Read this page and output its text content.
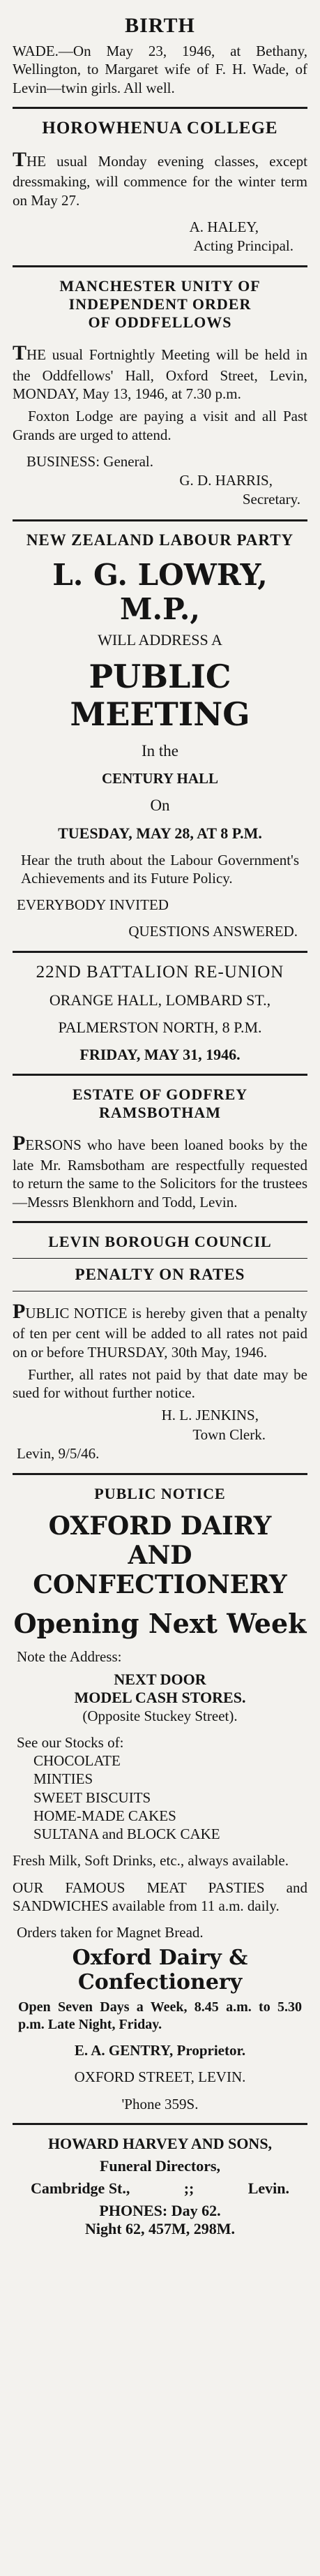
BIRTH

WADE.—On May 23, 1946, at Bethany, Wellington, to Margaret wife of F. H. Wade, of Levin—twin girls. All well.

HOROWHENUA COLLEGE

THE usual Monday evening classes, except dressmaking, will commence for the winter term on May 27.

A. HALEY,
Acting Principal.
MANCHESTER UNITY OF
INDEPENDENT ORDER
OF ODDFELLOWS

THE usual Fortnightly Meeting will be held in the Oddfellows' Hall, Oxford Street, Levin, MONDAY, May 13, 1946, at 7.30 p.m.

Foxton Lodge are paying a visit and all Past Grands are urged to attend.

BUSINESS: General.
G. D. HARRIS,
Secretary.
NEW ZEALAND LABOUR PARTY
L. G. LOWRY, M.P.,
WILL ADDRESS A
PUBLIC MEETING
In the
CENTURY HALL
On
TUESDAY, MAY 28, AT 8 P.M.

Hear the truth about the Labour Government's Achievements and its Future Policy.

EVERYBODY INVITED
QUESTIONS ANSWERED.
22ND BATTALION RE-UNION
ORANGE HALL, LOMBARD ST.,
PALMERSTON NORTH, 8 P.M.
FRIDAY, MAY 31, 1946.
ESTATE OF GODFREY
RAMSBOTHAM

PERSONS who have been loaned books by the late Mr. Ramsbotham are respectfully requested to return the same to the Solicitors for the trustees—Messrs Blenkhorn and Todd, Levin.

LEVIN BOROUGH COUNCIL
PENALTY ON RATES

PUBLIC NOTICE is hereby given that a penalty of ten per cent will be added to all rates not paid on or before THURSDAY, 30th May, 1946.

Further, all rates not paid by that date may be sued for without further notice.

H. L. JENKINS,
Town Clerk.
Levin, 9/5/46.
PUBLIC NOTICE
OXFORD DAIRY AND
CONFECTIONERY
Opening Next Week
Note the Address:
NEXT DOOR
MODEL CASH STORES.
(Opposite Stuckey Street).
See our Stocks of:
CHOCOLATE
MINTIES
SWEET BISCUITS
HOME-MADE CAKES
SULTANA and BLOCK CAKE

Fresh Milk, Soft Drinks, etc., always available.

OUR FAMOUS MEAT PASTIES and SANDWICHES available from 11 a.m. daily.

Orders taken for Magnet Bread.
Oxford Dairy & Confectionery

Open Seven Days a Week, 8.45 a.m. to 5.30 p.m. Late Night, Friday.

E. A. GENTRY, Proprietor.
OXFORD STREET, LEVIN.
'Phone 359S.
HOWARD HARVEY AND SONS,
Funeral Directors,
Cambridge St.,	;;	Levin.
PHONES: Day 62.
Night 62, 457M, 298M.
